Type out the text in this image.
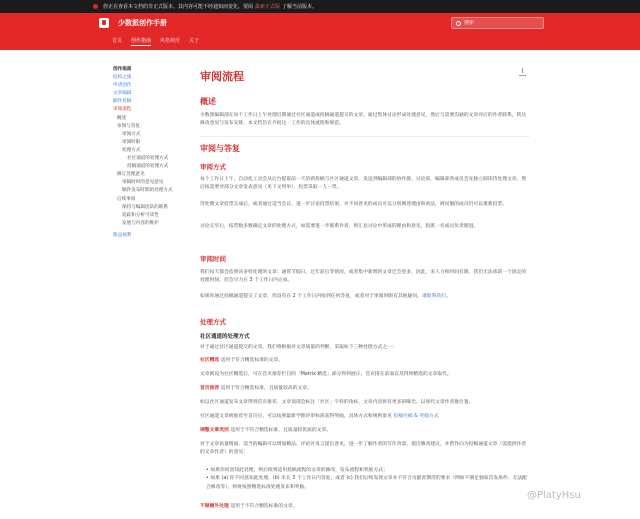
你正在查看本文档的非正式版本。其内容可能不经通知而变化。要阅 最新正式版 了解当前版本。
少数派创作手册
搜索
首页 创作指南 风格规范 关于
创作指南
结构之旅
申请创作
文章编辑
稿件投稿
审阅流程
概述
审阅与答复
审阅方式
审阅时限
处理方式
社区通道的处理方式
投稿通道的处理方式
修订处理意见
审稿时时的意见意见
稿件发布时期的处理方式
后续事项
保持与编辑团队的联系
追踪和分析可读性
发展与内容的维护
版益福利
审阅流程
概述
少数派编辑部在每个工作日上午处理近期通过社区通道或投稿通道提交的文章。通过集体讨论形成处理意见，然后与需要沟通的文章对应的作者联系，转达修改意见与发布安排。本文档旨在介绍这一工作的具体流程和规范。
审阅与答复
审阅方式
每个工作日上午，自动化工具会从后台提取前一天的新投稿与社区通道文章，发送到编辑部的协作群。讨论前，编辑部各成员会先独立阅读待处理文章，然后按需要对部分文章发表意见（见下文列举），投票采取一人一票。
待处理文章投票完成后，或者通过适当会议、进一步讨论投票结果，并不同意见的成员可以分别阐述理由和看法，被说服的成员仍可以重新投票。
讨论完毕后，按票数多数确定文章的处理方式，如需要进一步联系作者，则汇总讨论中形成的理由和意见，指派一名成员负责跟进。
审阅时间
我们每天都会依照该多样处理的文章：通常节假日、过年前后等情况，或者集中新增的文章迁会更多，因此，来人力和时间有限，我们无法承诺一个固定的处理时间，但会尽力在 3 个工作日内完成。
如果你通过投稿通道提交了文章，但没有在 2 个工作日内收到任何答复，或者对于审阅时限有其他疑问，请联系我们。
处理方式
社区通道的处理方式
对于通过社区通道提交的文章，我们将根据对文章质量的判断，采取如下三种处理方式之一：
社区精选 适用于符合精选标准的文章。
文章被设为社区精选后，可在首页推荐栏目的「Matrix 精选」部分得到展示，首页排在前面以及得到精选的文章取代。
首页推荐 适用于符合精选标准，且质量较高的文章。
如以社区通道发布文章得到首页推荐，文章顶部会标注「社区」字样的角标，文章内容将有更多的曝光，以保代文章作者推位置。
社区通道文章被推荐至首页后，可以按照最新学期评审标准获得奖励，具体方式和规则参见 投稿付稿 & 奖励方式
调整文章类别 适用于不符合精选标准、且质量较优质的文章。
对于文章质量稍弱、适当的编辑可以增加精品，评论区发言提出意见，进一步了解作者的写作背景、提出修改建议，并帮作向为投稿通道文章（需提供作者的文章作者）的意见：
• 如果你同意知此处理，则后续将适用投稿流程的文章的修改、发布流程和奖励方式；
• 如果 (a) 你不同意知此处理、(b) 未在 3 个工作日内答复，或者 (c) 我们后续发现文章并不符合贡献者期待的要求（例如不满足独家首发条件、无法配合修改等），则将按照精选标准处理发布和奖励。
不做额外处理 适用于不符合精选标准的文章。
@PlatyHsu
